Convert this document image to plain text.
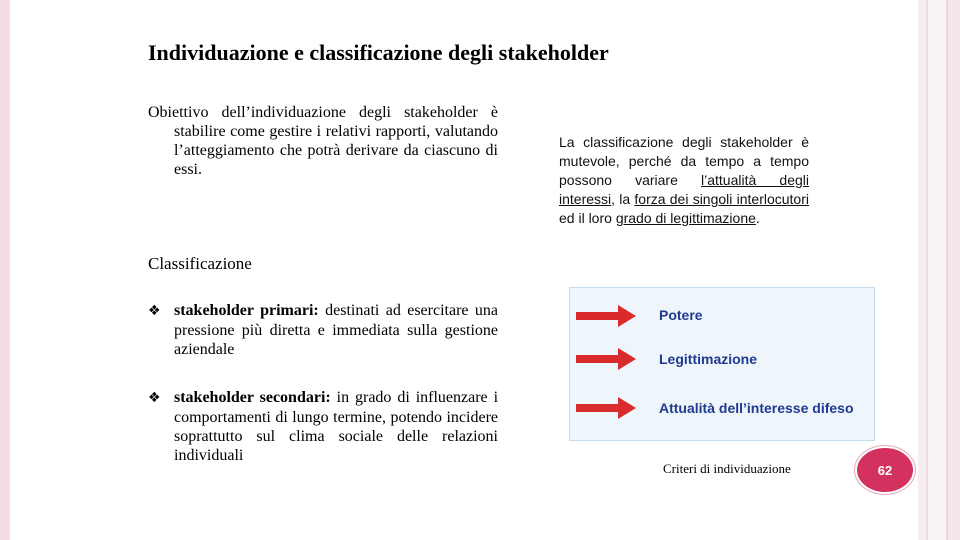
Individuazione e classificazione degli stakeholder
Obiettivo dell’individuazione degli stakeholder è stabilire come gestire i relativi rapporti, valutando l’atteggiamento che potrà derivare da ciascuno di essi.
Classificazione
❖ stakeholder primari: destinati ad esercitare una pressione più diretta e immediata sulla gestione aziendale
❖ stakeholder secondari: in grado di influenzare i comportamenti di lungo termine, potendo incidere soprattutto sul clima sociale delle relazioni individuali
La classificazione degli stakeholder è mutevole, perché da tempo a tempo possono variare l’attualità degli interessi, la forza dei singoli interlocutori ed il loro grado di legittimazione.
Potere
Legittimazione
Attualità dell’interesse difeso
Criteri di individuazione	62
